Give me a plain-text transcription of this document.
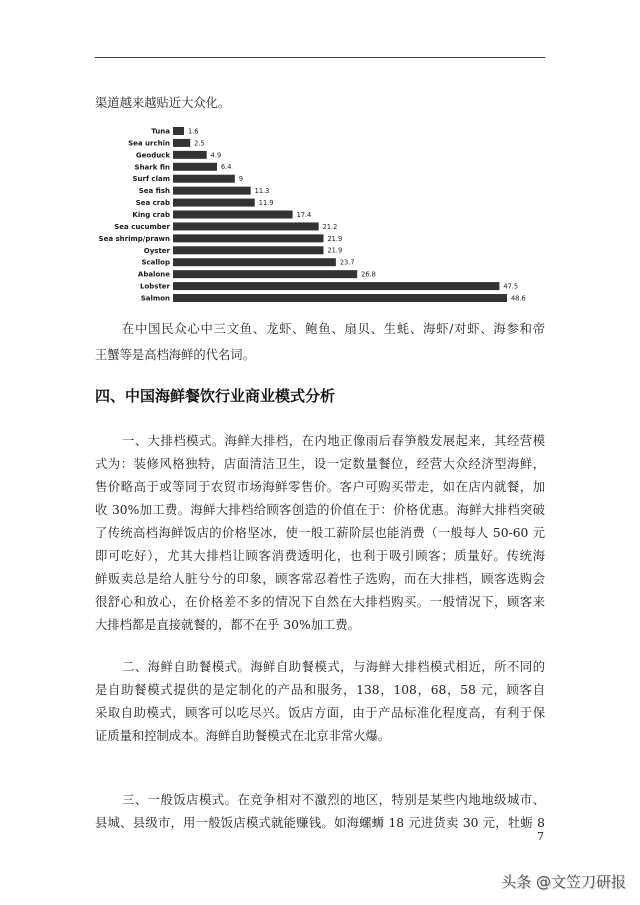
渠道越来越贴近大众化。
Tuna	1.6
Sea urchin	2.5
Geoduck	4.9
Shark fin	6.4
Surf clam	9
Sea fish	11.3
Sea crab	11.9
King crab	17.4
Sea cucumber	21.2
Sea shrimp/prawn	21.9
Oyster	21.9
Scallop	23.7
Abalone	26.8
Lobster	47.5
Salmon	48.6
在中国民众心中三文鱼、龙虾、鲍鱼、扇贝、生蚝、海虾/对虾、海参和帝
王蟹等是高档海鲜的代名词。
四、中国海鲜餐饮行业商业模式分析
一、大排档模式。海鲜大排档，在内地正像雨后春笋般发展起来，其经营模
式为：装修风格独特，店面清洁卫生，设一定数量餐位，经营大众经济型海鲜，
售价略高于或等同于农贸市场海鲜零售价。客户可购买带走，如在店内就餐，加
收 30%加工费。海鲜大排档给顾客创造的价值在于：价格优惠。海鲜大排档突破
了传统高档海鲜饭店的价格坚冰，使一般工薪阶层也能消费（一般每人 50-60 元
即可吃好），尤其大排档让顾客消费透明化，也利于吸引顾客；质量好。传统海
鲜贩卖总是给人脏兮兮的印象，顾客常忍着性子选购，而在大排档，顾客选购会
很舒心和放心，在价格差不多的情况下自然在大排档购买。一般情况下，顾客来
大排档都是直接就餐的，都不在乎 30%加工费。
二、海鲜自助餐模式。海鲜自助餐模式，与海鲜大排档模式相近，所不同的
是自助餐模式提供的是定制化的产品和服务，138，108，68，58 元，顾客自
采取自助模式，顾客可以吃尽兴。饭店方面，由于产品标准化程度高，有利于保
证质量和控制成本。海鲜自助餐模式在北京非常火爆。
三、一般饭店模式。在竞争相对不激烈的地区，特别是某些内地地级城市、
县城、县级市，用一般饭店模式就能赚钱。如海螺蛳 18 元进货卖 30 元，牡蛎 8
7
头条 @文笠刀研报
